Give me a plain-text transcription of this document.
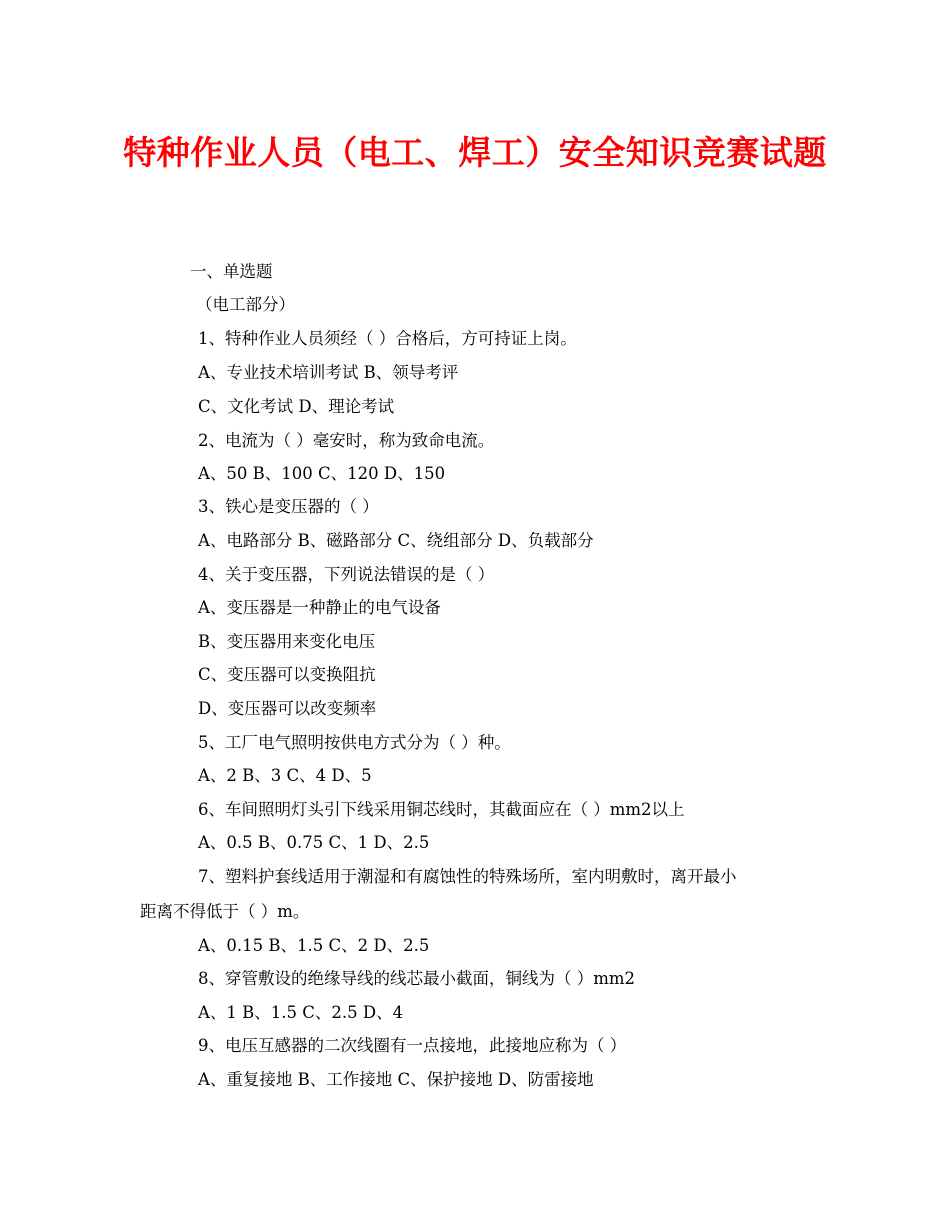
特种作业人员（电工、焊工）安全知识竞赛试题
一、单选题
（电工部分）
1、特种作业人员须经（ ）合格后，方可持证上岗。
A、专业技术培训考试 B、领导考评
C、文化考试 D、理论考试
2、电流为（ ）毫安时，称为致命电流。
A、50 B、100 C、120 D、150
3、铁心是变压器的（ ）
A、电路部分 B、磁路部分 C、绕组部分 D、负载部分
4、关于变压器，下列说法错误的是（ ）
A、变压器是一种静止的电气设备
B、变压器用来变化电压
C、变压器可以变换阻抗
D、变压器可以改变频率
5、工厂电气照明按供电方式分为（ ）种。
A、2 B、3 C、4 D、5
6、车间照明灯头引下线采用铜芯线时，其截面应在（ ）mm2以上
A、0.5 B、0.75 C、1 D、2.5
7、塑料护套线适用于潮湿和有腐蚀性的特殊场所，室内明敷时，离开最小
距离不得低于（ ）m。
A、0.15 B、1.5 C、2 D、2.5
8、穿管敷设的绝缘导线的线芯最小截面，铜线为（ ）mm2
A、1 B、1.5 C、2.5 D、4
9、电压互感器的二次线圈有一点接地，此接地应称为（ ）
A、重复接地 B、工作接地 C、保护接地 D、防雷接地
